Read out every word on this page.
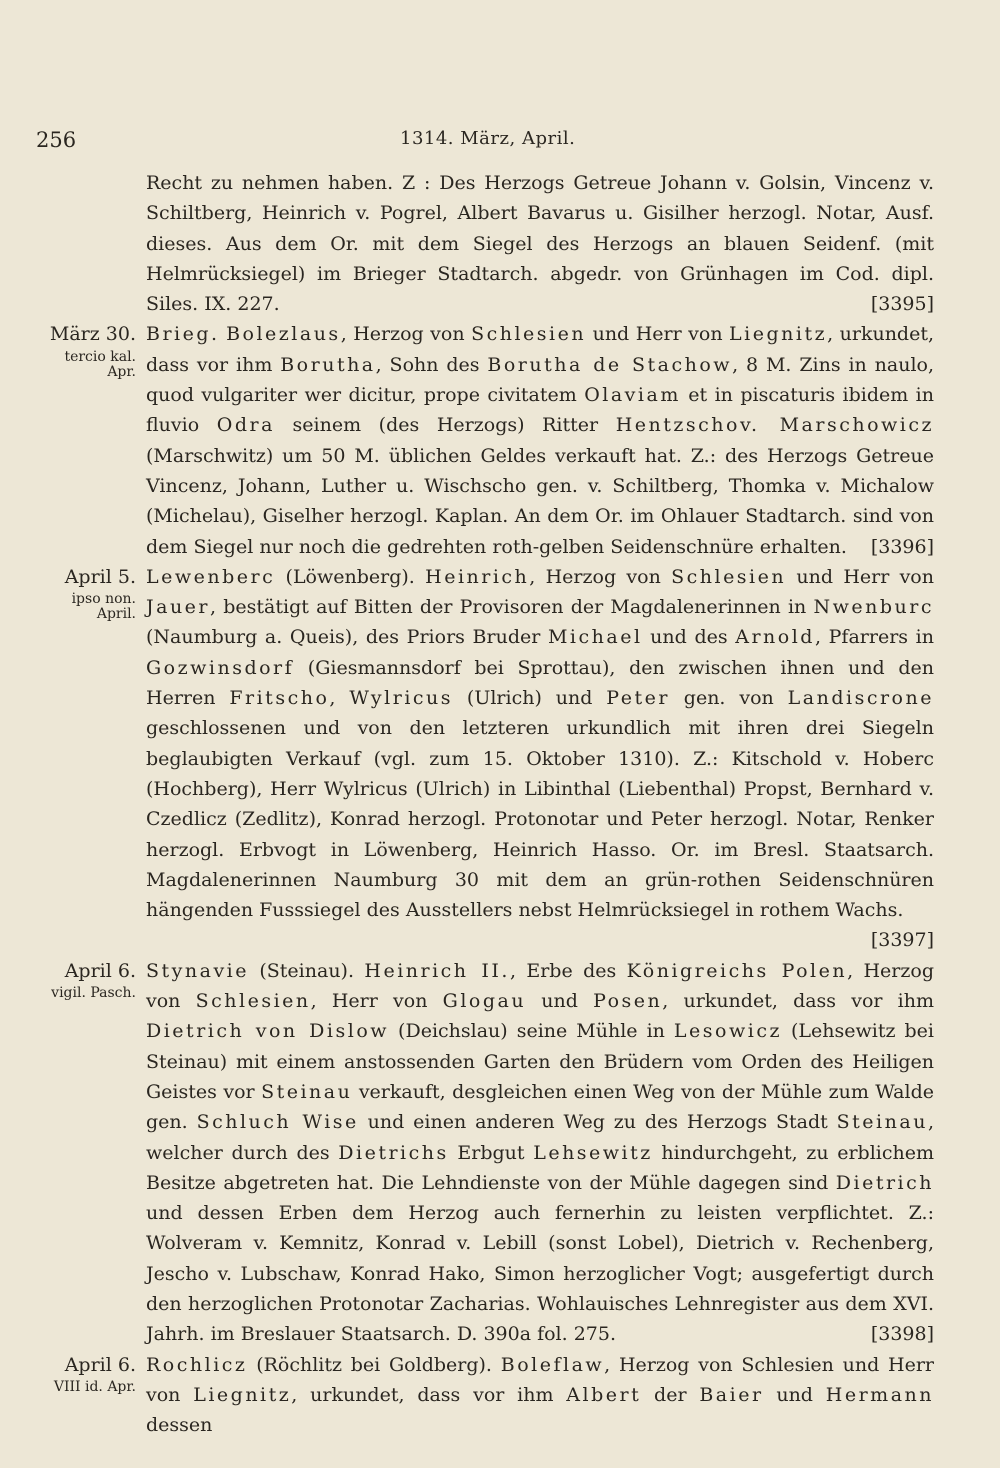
256	1314. März, April.

Recht zu nehmen haben. Z : Des Herzogs Getreue Johann v. Golsin, Vincenz v. Schiltberg, Heinrich v. Pogrel, Albert Bavarus u. Gisilher herzogl. Notar, Ausf. dieses. Aus dem Or. mit dem Siegel des Herzogs an blauen Seidenf. (mit Helmrücksiegel) im Brieger Stadtarch. abgedr. von Grünhagen im Cod. dipl. Siles. IX. 227.	[3395]

März 30.
tercio kal. Apr.

Brieg. Bolezlaus, Herzog von Schlesien und Herr von Liegnitz, urkundet, dass vor ihm Borutha, Sohn des Borutha de Stachow, 8 M. Zins in naulo, quod vulgariter wer dicitur, prope civitatem Olaviam et in piscaturis ibidem in fluvio Odra seinem (des Herzogs) Ritter Hentzschov. Marschowicz (Marschwitz) um 50 M. üblichen Geldes verkauft hat. Z.: des Herzogs Getreue Vincenz, Johann, Luther u. Wischscho gen. v. Schiltberg, Thomka v. Michalow (Michelau), Giselher herzogl. Kaplan. An dem Or. im Ohlauer Stadtarch. sind von dem Siegel nur noch die gedrehten roth-gelben Seidenschnüre erhalten. [3396]

April 5.
ipso non. April.

Lewenberc (Löwenberg). Heinrich, Herzog von Schlesien und Herr von Jauer, bestätigt auf Bitten der Provisoren der Magdalenerinnen in Nwenburc (Naumburg a. Queis), des Priors Bruder Michael und des Arnold, Pfarrers in Gozwinsdorf (Giesmannsdorf bei Sprottau), den zwischen ihnen und den Herren Fritscho, Wylricus (Ulrich) und Peter gen. von Landiscrone geschlossenen und von den letzteren urkundlich mit ihren drei Siegeln beglaubigten Verkauf (vgl. zum 15. Oktober 1310). Z.: Kitschold v. Hoberc (Hochberg), Herr Wylricus (Ulrich) in Libinthal (Liebenthal) Propst, Bernhard v. Czedlicz (Zedlitz), Konrad herzogl. Protonotar und Peter herzogl. Notar, Renker herzogl. Erbvogt in Löwenberg, Heinrich Hasso. Or. im Bresl. Staatsarch. Magdalenerinnen Naumburg 30 mit dem an grün-rothen Seidenschnüren hängenden Fusssiegel des Ausstellers nebst Helmrücksiegel in rothem Wachs.
[3397]

April 6.
vigil. Pasch.

Stynavie (Steinau). Heinrich II., Erbe des Königreichs Polen, Herzog von Schlesien, Herr von Glogau und Posen, urkundet, dass vor ihm Dietrich von Dislow (Deichslau) seine Mühle in Lesowicz (Lehsewitz bei Steinau) mit einem anstossenden Garten den Brüdern vom Orden des Heiligen Geistes vor Steinau verkauft, desgleichen einen Weg von der Mühle zum Walde gen. Schluch Wise und einen anderen Weg zu des Herzogs Stadt Steinau, welcher durch des Dietrichs Erbgut Lehsewitz hindurchgeht, zu erblichem Besitze abgetreten hat. Die Lehndienste von der Mühle dagegen sind Dietrich und dessen Erben dem Herzog auch fernerhin zu leisten verpflichtet. Z.: Wolveram v. Kemnitz, Konrad v. Lebill (sonst Lobel), Dietrich v. Rechenberg, Jescho v. Lubschaw, Konrad Hako, Simon herzoglicher Vogt; ausgefertigt durch den herzoglichen Protonotar Zacharias. Wohlauisches Lehnregister aus dem XVI. Jahrh. im Breslauer Staatsarch. D. 390a fol. 275.	[3398]

April 6.
VIII id. Apr.

Rochlicz (Röchlitz bei Goldberg). Boleflaw, Herzog von Schlesien und Herr von Liegnitz, urkundet, dass vor ihm Albert der Baier und Hermann dessen
